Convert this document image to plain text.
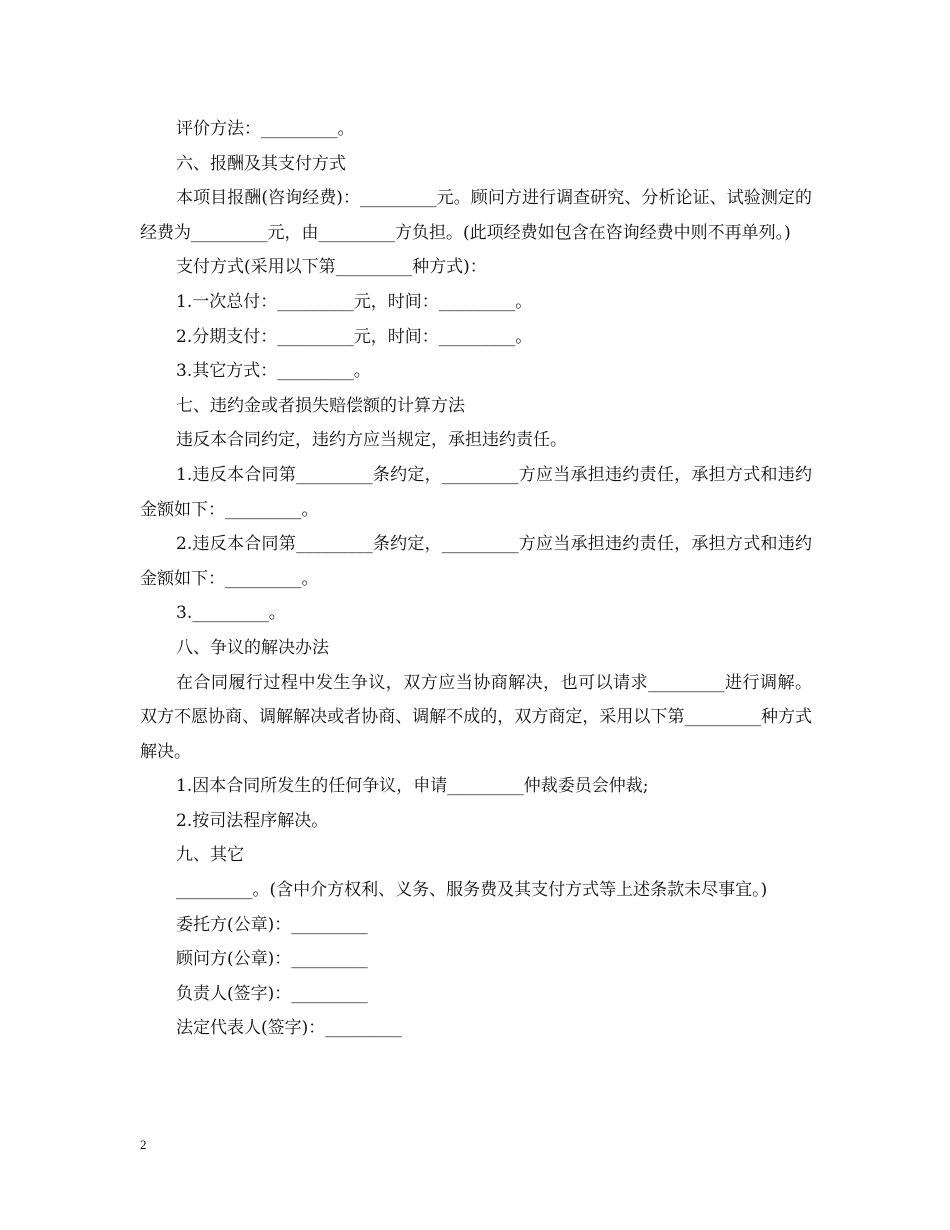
评价方法：_________。
六、报酬及其支付方式
本项目报酬(咨询经费)：_________元。顾问方进行调查研究、分析论证、试验测定的经费为_________元，由_________方负担。(此项经费如包含在咨询经费中则不再单列。)
支付方式(采用以下第_________种方式)：
1.一次总付：_________元，时间：_________。
2.分期支付：_________元，时间：_________。
3.其它方式：_________。
七、违约金或者损失赔偿额的计算方法
违反本合同约定，违约方应当规定，承担违约责任。
1.违反本合同第_________条约定，_________方应当承担违约责任，承担方式和违约金额如下：_________。
2.违反本合同第_________条约定，_________方应当承担违约责任，承担方式和违约金额如下：_________。
3._________。
八、争议的解决办法
在合同履行过程中发生争议，双方应当协商解决，也可以请求_________进行调解。双方不愿协商、调解解决或者协商、调解不成的，双方商定，采用以下第_________种方式解决。
1.因本合同所发生的任何争议，申请_________仲裁委员会仲裁;
2.按司法程序解决。
九、其它
_________。(含中介方权利、义务、服务费及其支付方式等上述条款未尽事宜。)
委托方(公章)：_________
顾问方(公章)：_________
负责人(签字)：_________
法定代表人(签字)：_________
2
